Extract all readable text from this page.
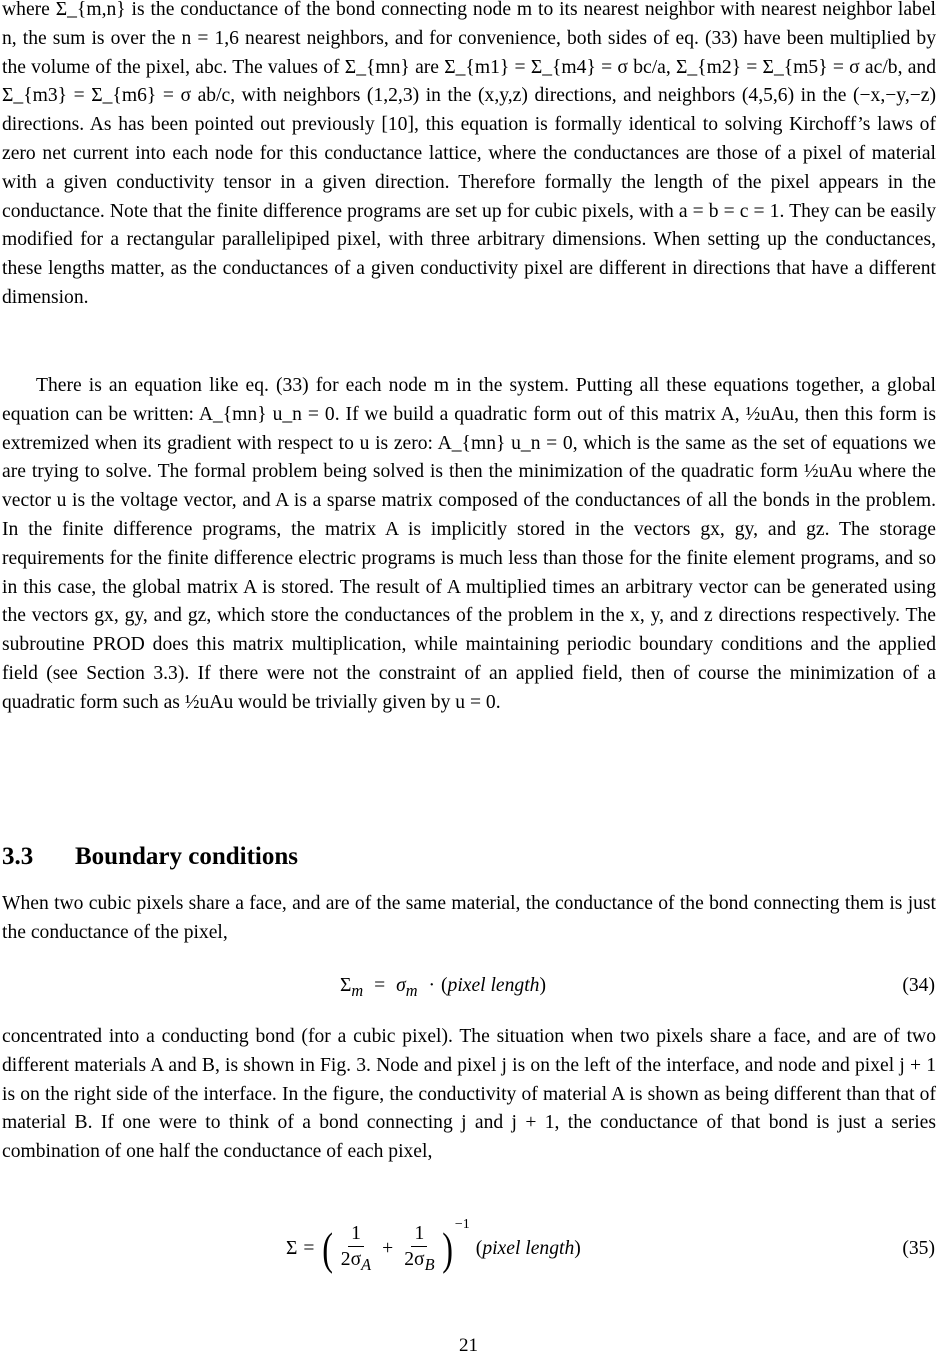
where Σ_{m,n} is the conductance of the bond connecting node m to its nearest neighbor with nearest neighbor label n, the sum is over the n = 1,6 nearest neighbors, and for convenience, both sides of eq. (33) have been multiplied by the volume of the pixel, abc. The values of Σ_{mn} are Σ_{m1} = Σ_{m4} = σ bc/a, Σ_{m2} = Σ_{m5} = σ ac/b, and Σ_{m3} = Σ_{m6} = σ ab/c, with neighbors (1,2,3) in the (x,y,z) directions, and neighbors (4,5,6) in the (−x,−y,−z) directions. As has been pointed out previously [10], this equation is formally identical to solving Kirchoff’s laws of zero net current into each node for this conductance lattice, where the conductances are those of a pixel of material with a given conductivity tensor in a given direction. Therefore formally the length of the pixel appears in the conductance. Note that the finite difference programs are set up for cubic pixels, with a = b = c = 1. They can be easily modified for a rectangular parallelipiped pixel, with three arbitrary dimensions. When setting up the conductances, these lengths matter, as the conductances of a given conductivity pixel are different in directions that have a different dimension.

There is an equation like eq. (33) for each node m in the system. Putting all these equations together, a global equation can be written: A_{mn} u_n = 0. If we build a quadratic form out of this matrix A, ½uAu, then this form is extremized when its gradient with respect to u is zero: A_{mn} u_n = 0, which is the same as the set of equations we are trying to solve. The formal problem being solved is then the minimization of the quadratic form ½uAu where the vector u is the voltage vector, and A is a sparse matrix composed of the conductances of all the bonds in the problem. In the finite difference programs, the matrix A is implicitly stored in the vectors gx, gy, and gz. The storage requirements for the finite difference electric programs is much less than those for the finite element programs, and so in this case, the global matrix A is stored. The result of A multiplied times an arbitrary vector can be generated using the vectors gx, gy, and gz, which store the conductances of the problem in the x, y, and z directions respectively. The subroutine PROD does this matrix multiplication, while maintaining periodic boundary conditions and the applied field (see Section 3.3). If there were not the constraint of an applied field, then of course the minimization of a quadratic form such as ½uAu would be trivially given by u = 0.

3.3 Boundary conditions

When two cubic pixels share a face, and are of the same material, the conductance of the bond connecting them is just the conductance of the pixel,

$\Sigma_m = \sigma_m$ · (pixel length)	(34)

concentrated into a conducting bond (for a cubic pixel). The situation when two pixels share a face, and are of two different materials A and B, is shown in Fig. 3. Node and pixel j is on the left of the interface, and node and pixel j + 1 is on the right side of the interface. In the figure, the conductivity of material A is shown as being different than that of material B. If one were to think of a bond connecting j and j + 1, the conductance of that bond is just a series combination of one half the conductance of each pixel,

Σ = ( $\frac{1}{2\sigma_A} + \frac{1}{2\sigma_B}$ ) −1
( pixel length )	(35)
21
